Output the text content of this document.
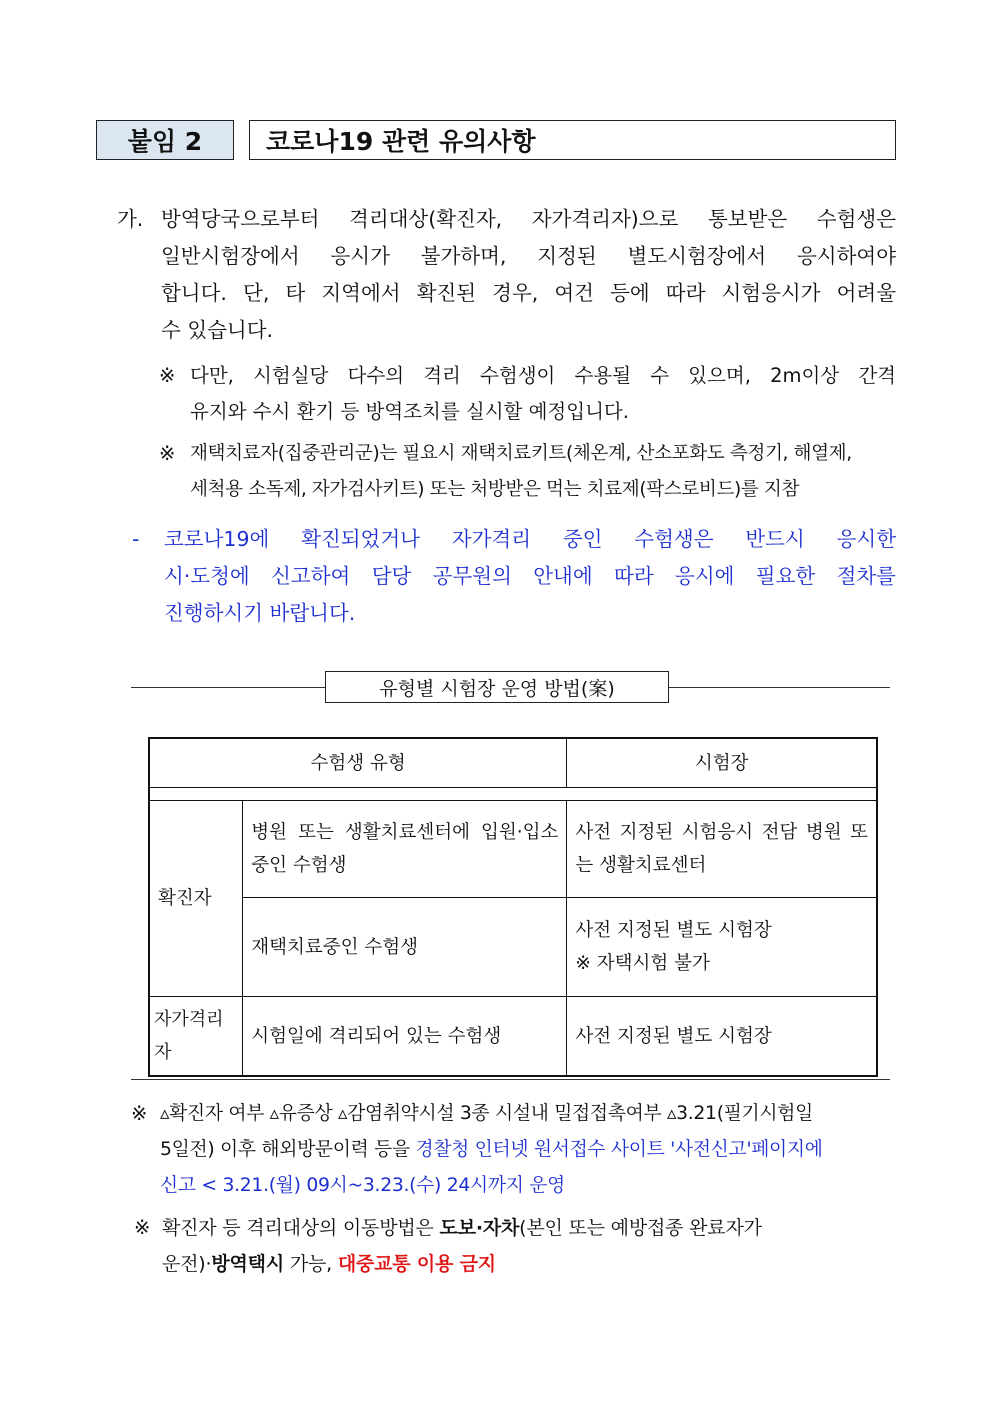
붙임 2	코로나19 관련 유의사항
가. 방역당국으로부터 격리대상(확진자, 자가격리자)으로 통보받은 수험생은
일반시험장에서 응시가 불가하며, 지정된 별도시험장에서 응시하여야
합니다. 단, 타 지역에서 확진된 경우, 여건 등에 따라 시험응시가 어려울
수 있습니다.
※ 다만, 시험실당 다수의 격리 수험생이 수용될 수 있으며, 2m이상 간격
유지와 수시 환기 등 방역조치를 실시할 예정입니다.
※ 재택치료자(집중관리군)는 필요시 재택치료키트(체온계, 산소포화도 측정기, 해열제,
세척용 소독제, 자가검사키트) 또는 처방받은 먹는 치료제(팍스로비드)를 지참
- 코로나19에 확진되었거나 자가격리 중인 수험생은 반드시 응시한
시·도청에 신고하여 담당 공무원의 안내에 따라 응시에 필요한 절차를
진행하시기 바랍니다.
유형별 시험장 운영 방법(案)
수험생 유형		시험장

확진자	병원 또는 생활치료센터에 입원·입소 중인 수험생	사전 지정된 시험응시 전담 병원 또는 생활치료센터
	재택치료중인 수험생	사전 지정된 별도 시험장
※ 자택시험 불가

자가격리자	시험일에 격리되어 있는 수험생	사전 지정된 별도 시험장
※ ▵확진자 여부 ▵유증상 ▵감염취약시설 3종 시설내 밀접접촉여부 ▵3.21(필기시험일
5일전) 이후 해외방문이력 등을 경찰청 인터넷 원서접수 사이트 '사전신고'페이지에
신고 < 3.21.(월) 09시~3.23.(수) 24시까지 운영
※ 확진자 등 격리대상의 이동방법은 도보·자차(본인 또는 예방접종 완료자가
운전)·방역택시 가능, 대중교통 이용 금지
